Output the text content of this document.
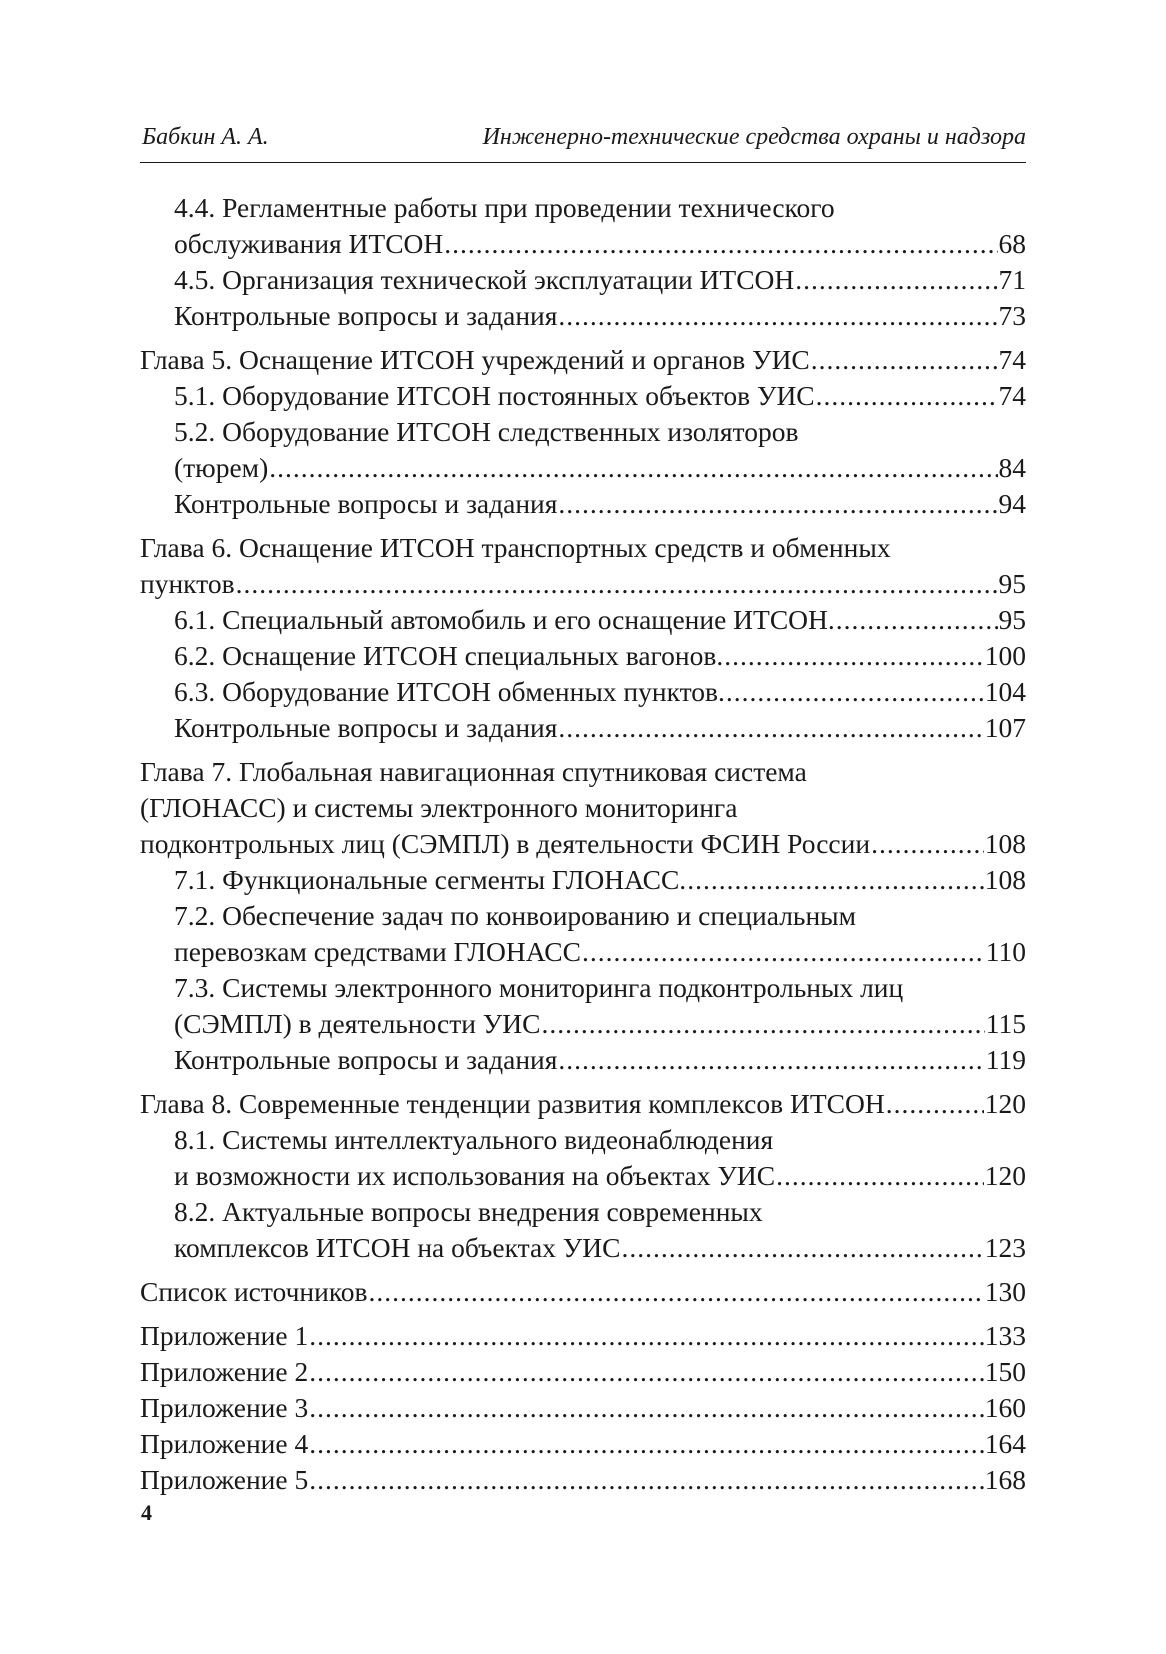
Бабкин А. А.	Инженерно-технические средства охраны и надзора
4.4. Регламентные работы при проведении технического
обслуживания ИТСОН .....	68
4.5. Организация технической эксплуатации ИТСОН .....	71
Контрольные вопросы и задания .....	73
Глава 5. Оснащение ИТСОН учреждений и органов УИС .....	74
5.1. Оборудование ИТСОН постоянных объектов УИС .....	74
5.2. Оборудование ИТСОН следственных изоляторов
(тюрем) .....	84
Контрольные вопросы и задания .....	94
Глава 6. Оснащение ИТСОН транспортных средств и обменных
пунктов .....	95
6.1. Специальный автомобиль и его оснащение ИТСОН. .....	95
6.2. Оснащение ИТСОН специальных вагонов. .....	100
6.3. Оборудование ИТСОН обменных пунктов. .....	104
Контрольные вопросы и задания .....	107
Глава 7. Глобальная навигационная спутниковая система
(ГЛОНАСС) и системы электронного мониторинга
подконтрольных лиц (СЭМПЛ) в деятельности ФСИН России .....	108
7.1. Функциональные сегменты ГЛОНАСС. .....	108
7.2. Обеспечение задач по конвоированию и специальным
перевозкам средствами ГЛОНАСС .....	110
7.3. Системы электронного мониторинга подконтрольных лиц
(СЭМПЛ) в деятельности УИС .....	115
Контрольные вопросы и задания .....	119
Глава 8. Современные тенденции развития комплексов ИТСОН .....	120
8.1. Системы интеллектуального видеонаблюдения
и возможности их использования на объектах УИС .....	120
8.2. Актуальные вопросы внедрения современных
комплексов ИТСОН на объектах УИС .....	123
Список источников .....	130
Приложение 1 .....	133
Приложение 2 .....	150
Приложение 3 .....	160
Приложение 4 .....	164
Приложение 5 .....	168
4
